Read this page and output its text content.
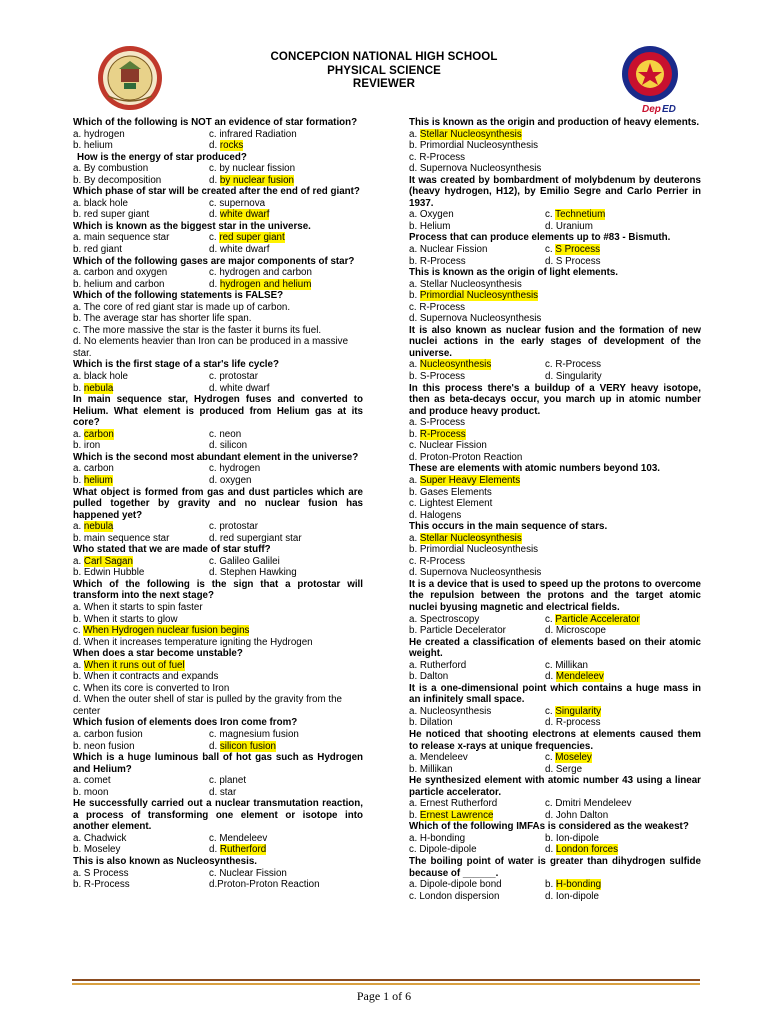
CONCEPCION NATIONAL HIGH SCHOOL
PHYSICAL SCIENCE
REVIEWER
Dep ED
Which of the following is NOT an evidence of star formation?
a. hydrogen	c. infrared Radiation
b. helium	d. rocks
How is the energy of star produced?
a. By combustion	c. by nuclear fission
b. By decomposition	d. by nuclear fusion
Which phase of star will be created after the end of red giant?
a. black hole	c. supernova
b. red super giant	d. white dwarf
Which is known as the biggest star in the universe.
a. main sequence star	c. red super giant
b. red giant	d. white dwarf
Which of the following gases are major components of star?
a. carbon and oxygen	c. hydrogen and carbon
b. helium and carbon	d. hydrogen and helium
Which of the following statements is FALSE?
a. The core of red giant star is made up of carbon.
b. The average star has shorter life span.
c. The more massive the star is the faster it burns its fuel.
d. No elements heavier than Iron can be produced in a massive star.
Which is the first stage of a star's life cycle?
a. black hole	c. protostar
b. nebula	d. white dwarf
In main sequence star, Hydrogen fuses and converted to Helium. What element is produced from Helium gas at its core?
a. carbon	c. neon
b. iron	d. silicon
Which is the second most abundant element in the universe?
a. carbon	c. hydrogen
b. helium	d. oxygen
What object is formed from gas and dust particles which are pulled together by gravity and no nuclear fusion has happened yet?
a. nebula	c. protostar
b. main sequence star	d. red supergiant star
Who stated that we are made of star stuff?
a. Carl Sagan	c. Galileo Galilei
b. Edwin Hubble	d. Stephen Hawking
Which of the following is the sign that a protostar will transform into the next stage?
a. When it starts to spin faster
b. When it starts to glow
c. When Hydrogen nuclear fusion begins
d. When it increases temperature igniting the Hydrogen
When does a star become unstable?
a. When it runs out of fuel
b. When it contracts and expands
c. When its core is converted to Iron
d. When the outer shell of star is pulled by the gravity from the center
Which fusion of elements does Iron come from?
a. carbon fusion	c. magnesium fusion
b. neon fusion	d. silicon fusion
Which is a huge luminous ball of hot gas such as Hydrogen and Helium?
a. comet	c. planet
b. moon	d. star
He successfully carried out a nuclear transmutation reaction, a process of transforming one element or isotope into another element.
a. Chadwick	c. Mendeleev
b. Moseley	d. Rutherford
This is also known as Nucleosynthesis.
a. S Process	c. Nuclear Fission
b. R-Process	d.Proton-Proton Reaction
This is known as the origin and production of heavy elements.
a. Stellar Nucleosynthesis
b. Primordial Nucleosynthesis
c. R-Process
d. Supernova Nucleosynthesis
It was created by bombardment of molybdenum by deuterons (heavy hydrogen, H12), by Emilio Segre and Carlo Perrier in 1937.
a. Oxygen	c. Technetium
b. Helium	d. Uranium
Process that can produce elements up to #83 - Bismuth.
a. Nuclear Fission	c. S Process
b. R-Process	d. S Process
This is known as the origin of light elements.
a. Stellar Nucleosynthesis
b. Primordial Nucleosynthesis
c. R-Process
d. Supernova Nucleosynthesis
It is also known as nuclear fusion and the formation of new nuclei actions in the early stages of development of the universe.
a. Nucleosynthesis	c. R-Process
b. S-Process	d. Singularity
In this process there's a buildup of a VERY heavy isotope, then as beta-decays occur, you march up in atomic number and produce heavy product.
a. S-Process
b. R-Process
c. Nuclear Fission
d. Proton-Proton Reaction
These are elements with atomic numbers beyond 103.
a. Super Heavy Elements
b. Gases Elements
c. Lightest Element
d. Halogens
This occurs in the main sequence of stars.
a. Stellar Nucleosynthesis
b. Primordial Nucleosynthesis
c. R-Process
d. Supernova Nucleosynthesis
It is a device that is used to speed up the protons to overcome the repulsion between the protons and the target atomic nuclei byusing magnetic and electrical fields.
a. Spectroscopy	c. Particle Accelerator
b. Particle Decelerator	d. Microscope
He created a classification of elements based on their atomic weight.
a. Rutherford	c. Millikan
b. Dalton	d. Mendeleev
It is a one-dimensional point which contains a huge mass in an infinitely small space.
a. Nucleosynthesis	c. Singularity
b. Dilation	d. R-process
He noticed that shooting electrons at elements caused them to release x-rays at unique frequencies.
a. Mendeleev	c. Moseley
b. Millikan	d. Serge
He synthesized element with atomic number 43 using a linear particle accelerator.
a. Ernest Rutherford	c. Dmitri Mendeleev
b. Ernest Lawrence	d. John Dalton
Which of the following IMFAs is considered as the weakest?
a. H-bonding	b. Ion-dipole
c. Dipole-dipole	d. London forces
The boiling point of water is greater than dihydrogen sulfide because of ______.
a. Dipole-dipole bond	b. H-bonding
c. London dispersion	d. Ion-dipole
Page 1 of 6
